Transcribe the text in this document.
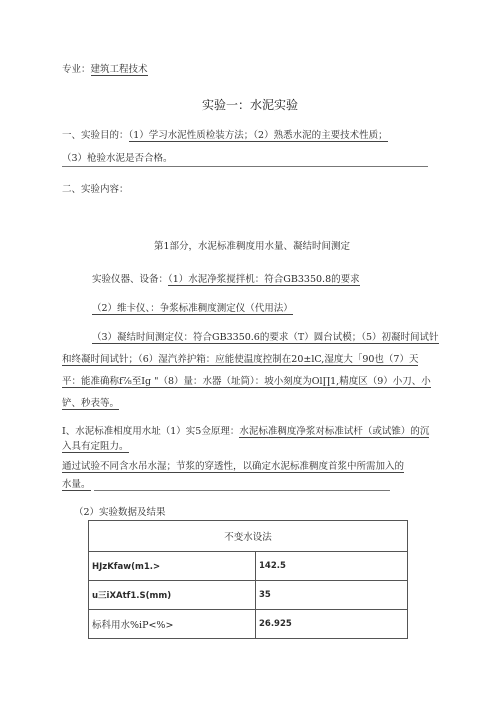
专业：建筑工程技术
实验一：水泥实验
一、实验目的：（1）学习水泥性质检装方法；（2）熟悉水泥的主要技术性质；
（3）枪验水泥是否合格。
二、实验内容：
第1部分，水泥标准稠度用水量、凝结时间测定
实验仪器、设备：（1）水泥净浆搅拌机：符合GB3350.8的要求
（2）维卡仪、：争浆标准稠度测定仪（代用法）
（3）凝结时间测定仪：符合GB3350.6的要求（T）圆台试模；（5）初凝时间试针
和终凝时间试针；（6）湿汽养护箱：应能使温度控制在20±lC,湿度大「90也（7）天
平：能准确称f⅞至Ig "（8）量：水器（址筒）：坡小刻度为Ol∏1,精度区（9）小刀、小
铲、秒表等。
I、水泥标准相度用水址（1）实5佥原理：水泥标准稠度净浆对标准试杆（或试锥）的沉
入具有定阻力。
通过试验不同含水吊水湿；节浆的穿透性，以确定水泥标准稠度首浆中所需加入的
水量。
（2）实验数据及结果
不变水设法	
HJzKfaw(m1.>	142.5
u三iXAtf1.S(mm)	35
标科用水%iP<%>	26.925
